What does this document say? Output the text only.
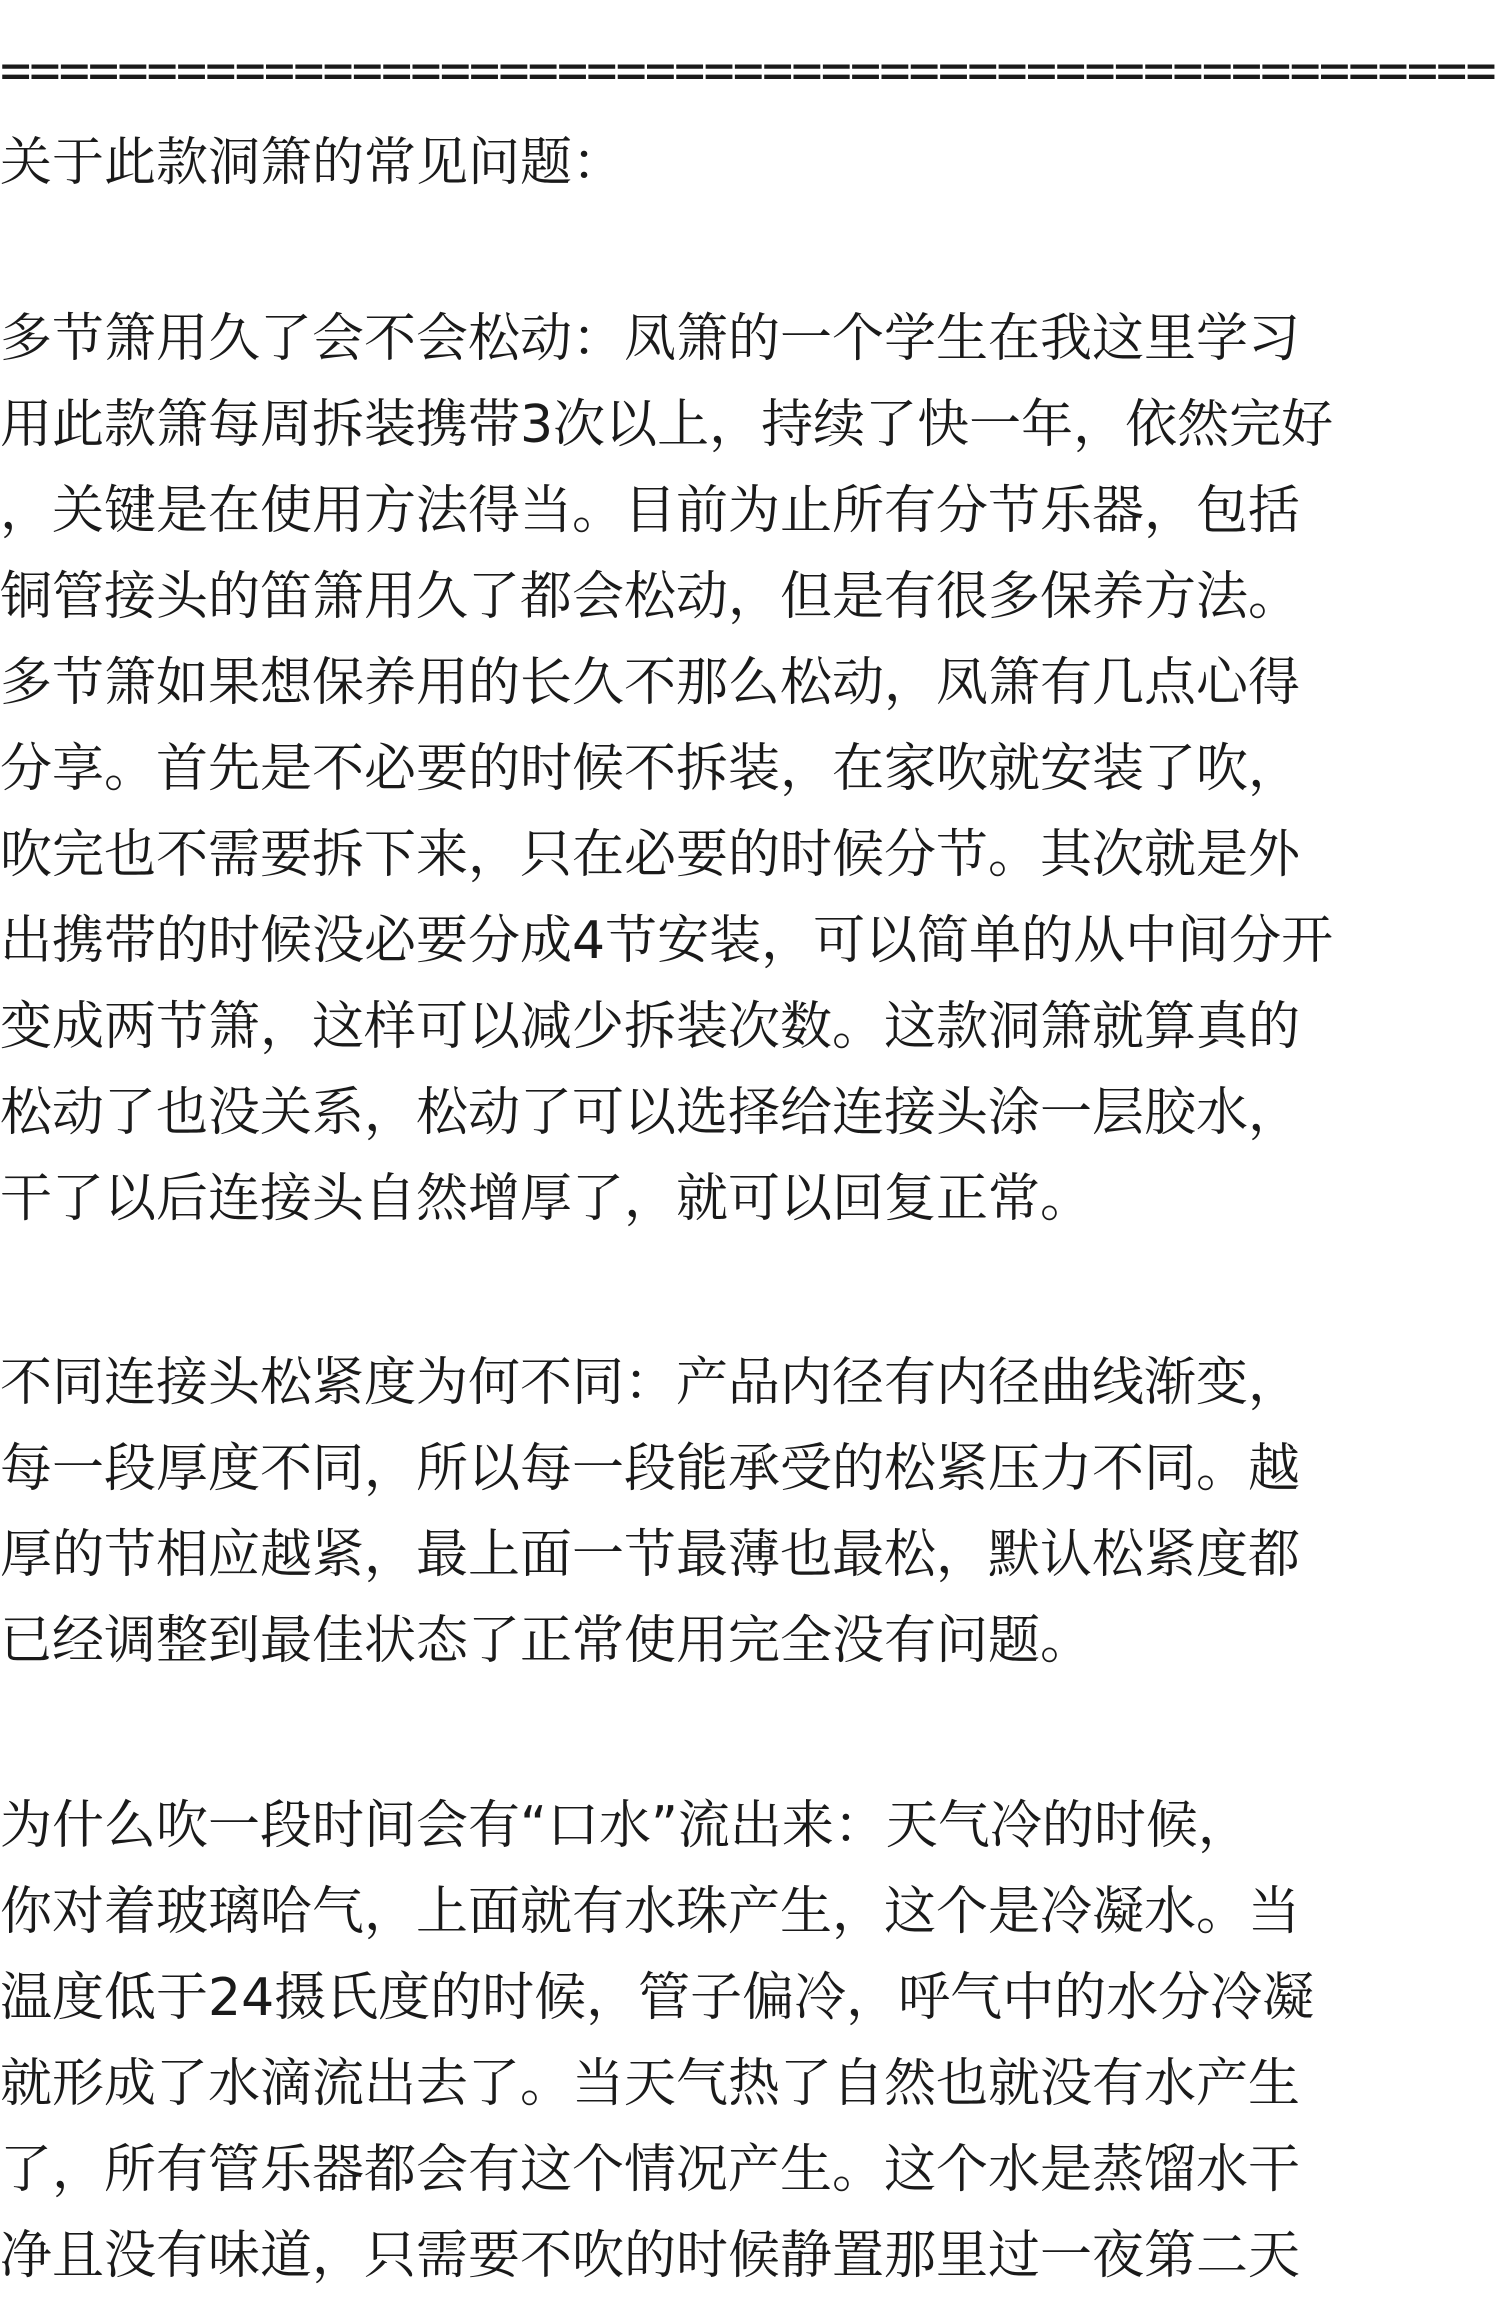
===================================================
关于此款洞箫的常见问题：
多节箫用久了会不会松动：凤箫的一个学生在我这里学习
用此款箫每周拆装携带3次以上，持续了快一年，依然完好
，关键是在使用方法得当。目前为止所有分节乐器，包括
铜管接头的笛箫用久了都会松动，但是有很多保养方法。
多节箫如果想保养用的长久不那么松动，凤箫有几点心得
分享。首先是不必要的时候不拆装，在家吹就安装了吹，
吹完也不需要拆下来，只在必要的时候分节。其次就是外
出携带的时候没必要分成4节安装，可以简单的从中间分开
变成两节箫，这样可以减少拆装次数。这款洞箫就算真的
松动了也没关系，松动了可以选择给连接头涂一层胶水，
干了以后连接头自然增厚了，就可以回复正常。
不同连接头松紧度为何不同：产品内径有内径曲线渐变，
每一段厚度不同，所以每一段能承受的松紧压力不同。越
厚的节相应越紧，最上面一节最薄也最松，默认松紧度都
已经调整到最佳状态了正常使用完全没有问题。
为什么吹一段时间会有“口水”流出来：天气冷的时候，
你对着玻璃哈气，上面就有水珠产生，这个是冷凝水。当
温度低于24摄氏度的时候，管子偏冷，呼气中的水分冷凝
就形成了水滴流出去了。当天气热了自然也就没有水产生
了，所有管乐器都会有这个情况产生。这个水是蒸馏水干
净且没有味道，只需要不吹的时候静置那里过一夜第二天
